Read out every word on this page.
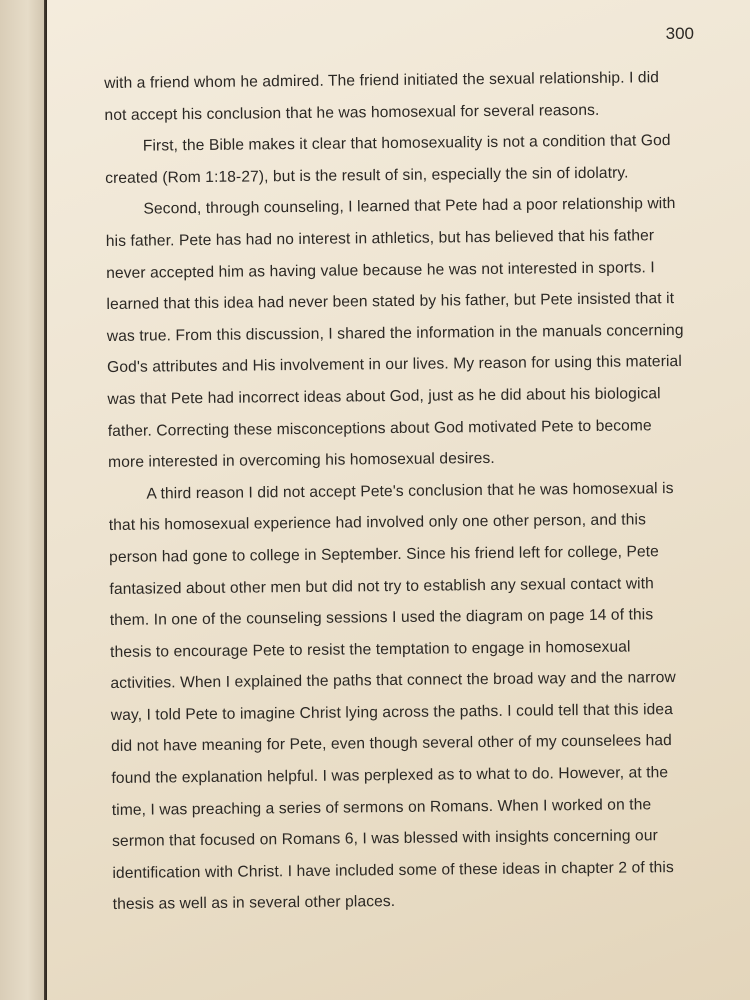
300
with a friend whom he admired. The friend initiated the sexual relationship. I did
not accept his conclusion that he was homosexual for several reasons.
First, the Bible makes it clear that homosexuality is not a condition that God
created (Rom 1:18-27), but is the result of sin, especially the sin of idolatry.
Second, through counseling, I learned that Pete had a poor relationship with
his father. Pete has had no interest in athletics, but has believed that his father
never accepted him as having value because he was not interested in sports. I
learned that this idea had never been stated by his father, but Pete insisted that it
was true. From this discussion, I shared the information in the manuals concerning
God's attributes and His involvement in our lives. My reason for using this material
was that Pete had incorrect ideas about God, just as he did about his biological
father. Correcting these misconceptions about God motivated Pete to become
more interested in overcoming his homosexual desires.
A third reason I did not accept Pete's conclusion that he was homosexual is
that his homosexual experience had involved only one other person, and this
person had gone to college in September. Since his friend left for college, Pete
fantasized about other men but did not try to establish any sexual contact with
them. In one of the counseling sessions I used the diagram on page 14 of this
thesis to encourage Pete to resist the temptation to engage in homosexual
activities. When I explained the paths that connect the broad way and the narrow
way, I told Pete to imagine Christ lying across the paths. I could tell that this idea
did not have meaning for Pete, even though several other of my counselees had
found the explanation helpful. I was perplexed as to what to do. However, at the
time, I was preaching a series of sermons on Romans. When I worked on the
sermon that focused on Romans 6, I was blessed with insights concerning our
identification with Christ. I have included some of these ideas in chapter 2 of this
thesis as well as in several other places.
